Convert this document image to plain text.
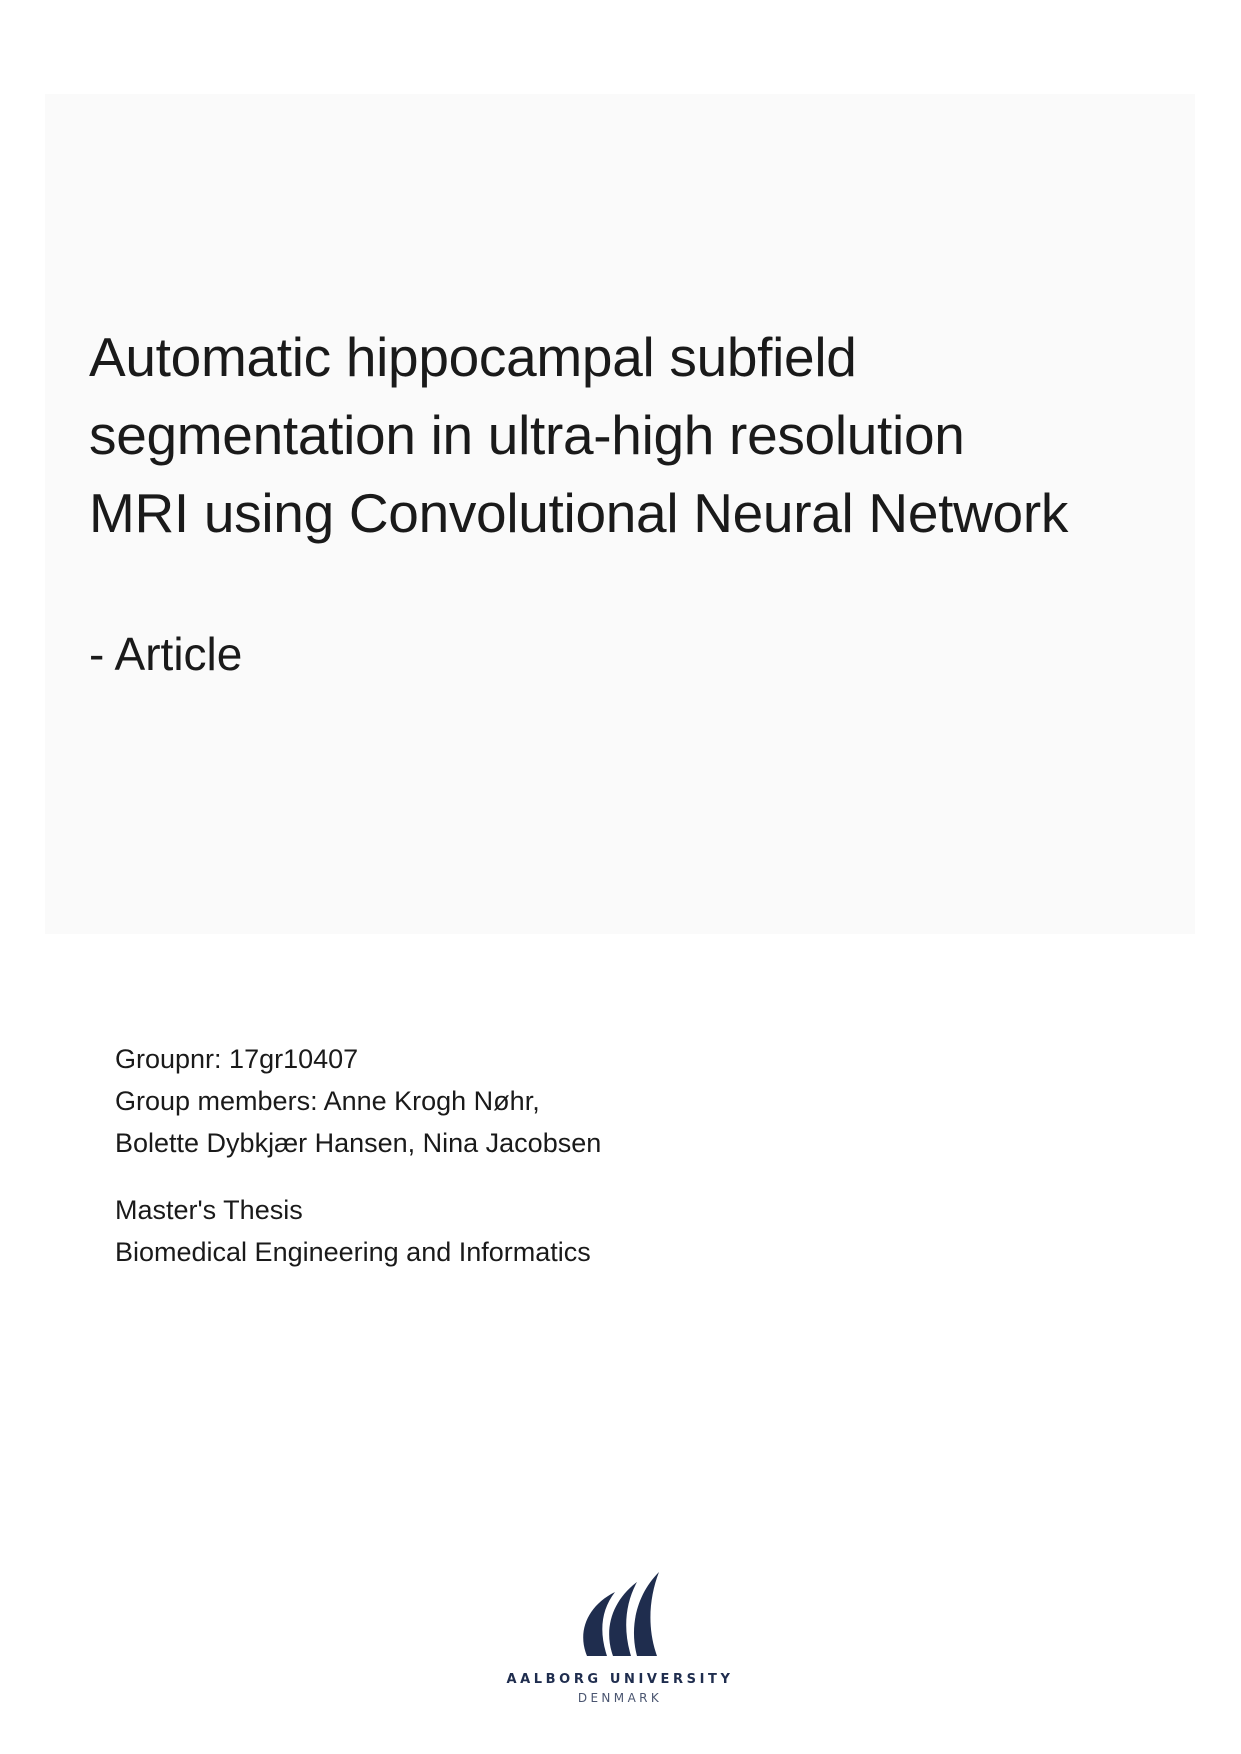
Automatic hippocampal subfield
segmentation in ultra-high resolution
MRI using Convolutional Neural Network
- Article
Groupnr: 17gr10407
Group members: Anne Krogh Nøhr,
Bolette Dybkjær Hansen, Nina Jacobsen
Master's Thesis
Biomedical Engineering and Informatics
AALBORG UNIVERSITY
DENMARK
